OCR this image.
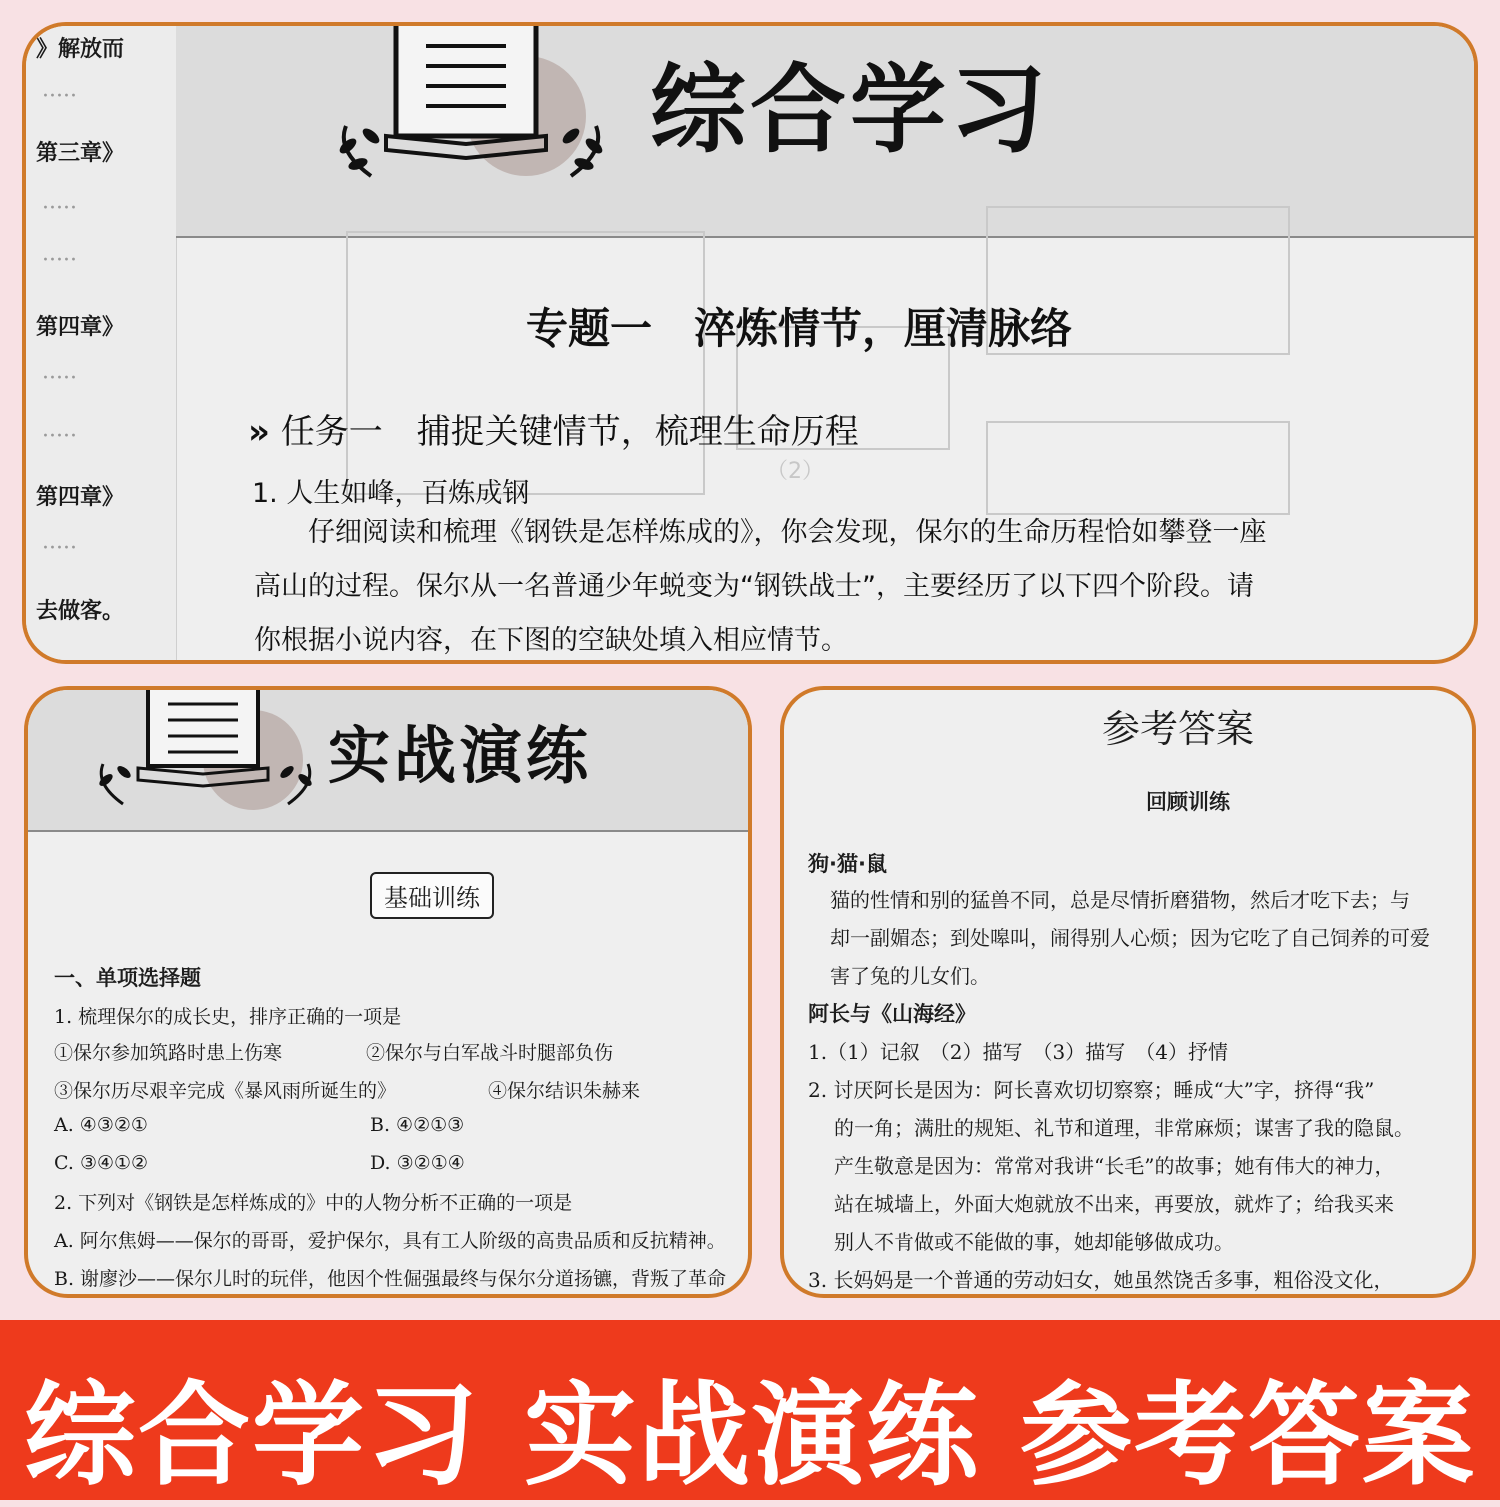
》解放而
·····
第三章》
·····
·····
第四章》
·····
·····
第四章》
·····
去做客。
综合学习
（2）
专题一　淬炼情节，厘清脉络
» 任务一　捕捉关键情节，梳理生命历程
1. 人生如峰，百炼成钢
仔细阅读和梳理《钢铁是怎样炼成的》，你会发现，保尔的生命历程恰如攀登一座
高山的过程。保尔从一名普通少年蜕变为“钢铁战士”，主要经历了以下四个阶段。请
你根据小说内容，在下图的空缺处填入相应情节。
实战演练
基础训练
一、单项选择题
1. 梳理保尔的成长史，排序正确的一项是
①保尔参加筑路时患上伤寒	②保尔与白军战斗时腿部负伤
③保尔历尽艰辛完成《暴风雨所诞生的》	④保尔结识朱赫来
A. ④③②①	B. ④②①③
C. ③④①②	D. ③②①④
2. 下列对《钢铁是怎样炼成的》中的人物分析不正确的一项是
A. 阿尔焦姆——保尔的哥哥，爱护保尔，具有工人阶级的高贵品质和反抗精神。
B. 谢廖沙——保尔儿时的玩伴，他因个性倔强最终与保尔分道扬镳，背叛了革命
参考答案
回顾训练
狗·猫·鼠
猫的性情和别的猛兽不同，总是尽情折磨猎物，然后才吃下去；与
却一副媚态；到处嗥叫，闹得别人心烦；因为它吃了自己饲养的可爱
害了兔的儿女们。
阿长与《山海经》
1.（1）记叙　（2）描写　（3）描写　（4）抒情
2. 讨厌阿长是因为：阿长喜欢切切察察；睡成“大”字，挤得“我”
的一角；满肚的规矩、礼节和道理，非常麻烦；谋害了我的隐鼠。
产生敬意是因为：常常对我讲“长毛”的故事；她有伟大的神力，
站在城墙上，外面大炮就放不出来，再要放，就炸了；给我买来
别人不肯做或不能做的事，她却能够做成功。
3. 长妈妈是一个普通的劳动妇女，她虽然饶舌多事，粗俗没文化，
综合学习 实战演练 参考答案
